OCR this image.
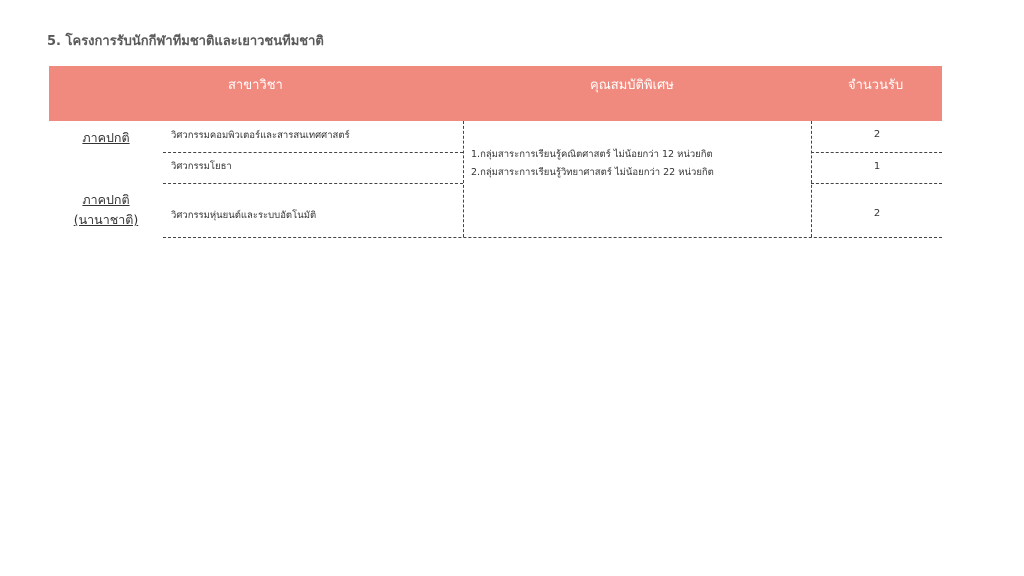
5. โครงการรับนักกีฬาทีมชาติและเยาวชนทีมชาติ
สาขาวิชา	คุณสมบัติพิเศษ	จำนวนรับ
ภาคปกติ
ภาคปกติ
(นานาชาติ)
วิศวกรรมคอมพิวเตอร์และสารสนเทศศาสตร์
วิศวกรรมโยธา
วิศวกรรมหุ่นยนต์และระบบอัตโนมัติ
1.กลุ่มสาระการเรียนรู้คณิตศาสตร์ ไม่น้อยกว่า 12 หน่วยกิต
2.กลุ่มสาระการเรียนรู้วิทยาศาสตร์ ไม่น้อยกว่า 22 หน่วยกิต
2
1
2
